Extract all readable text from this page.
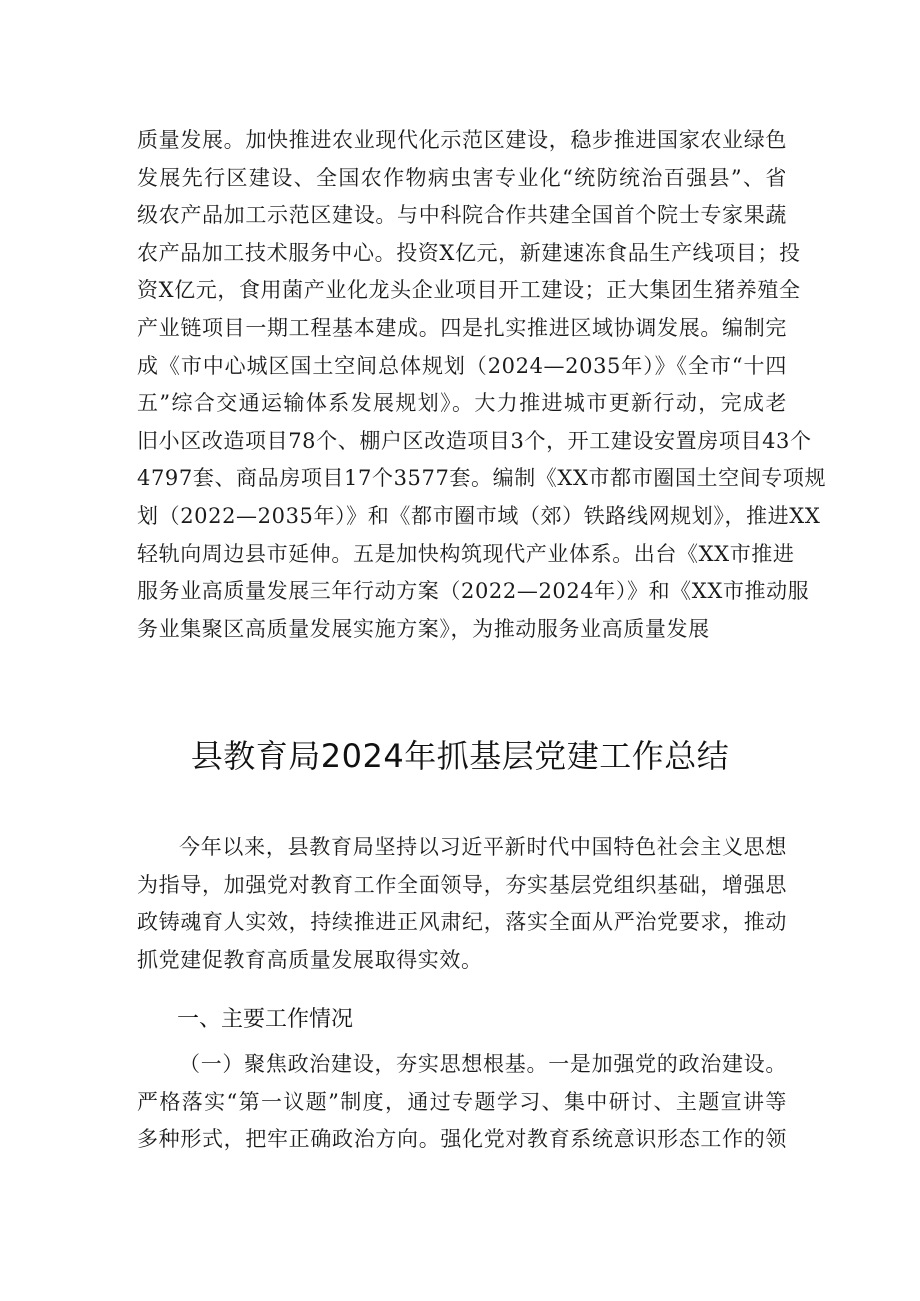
质量发展。加快推进农业现代化示范区建设，稳步推进国家农业绿色
发展先行区建设、全国农作物病虫害专业化“统防统治百强县”、省
级农产品加工示范区建设。与中科院合作共建全国首个院士专家果蔬
农产品加工技术服务中心。投资X亿元，新建速冻食品生产线项目；投
资X亿元，食用菌产业化龙头企业项目开工建设；正大集团生猪养殖全
产业链项目一期工程基本建成。四是扎实推进区域协调发展。编制完
成《市中心城区国土空间总体规划（2024—2035年）》《全市“十四
五”综合交通运输体系发展规划》。大力推进城市更新行动，完成老
旧小区改造项目78个、棚户区改造项目3个，开工建设安置房项目43个
4797套、商品房项目17个3577套。编制《XX市都市圈国土空间专项规
划（2022—2035年）》和《都市圈市域（郊）铁路线网规划》，推进XX
轻轨向周边县市延伸。五是加快构筑现代产业体系。出台《XX市推进
服务业高质量发展三年行动方案（2022—2024年）》和《XX市推动服
务业集聚区高质量发展实施方案》，为推动服务业高质量发展
县教育局2024年抓基层党建工作总结
今年以来，县教育局坚持以习近平新时代中国特色社会主义思想
为指导，加强党对教育工作全面领导，夯实基层党组织基础，增强思
政铸魂育人实效，持续推进正风肃纪，落实全面从严治党要求，推动
抓党建促教育高质量发展取得实效。
一、主要工作情况
（一）聚焦政治建设，夯实思想根基。一是加强党的政治建设。
严格落实“第一议题”制度，通过专题学习、集中研讨、主题宣讲等
多种形式，把牢正确政治方向。强化党对教育系统意识形态工作的领
